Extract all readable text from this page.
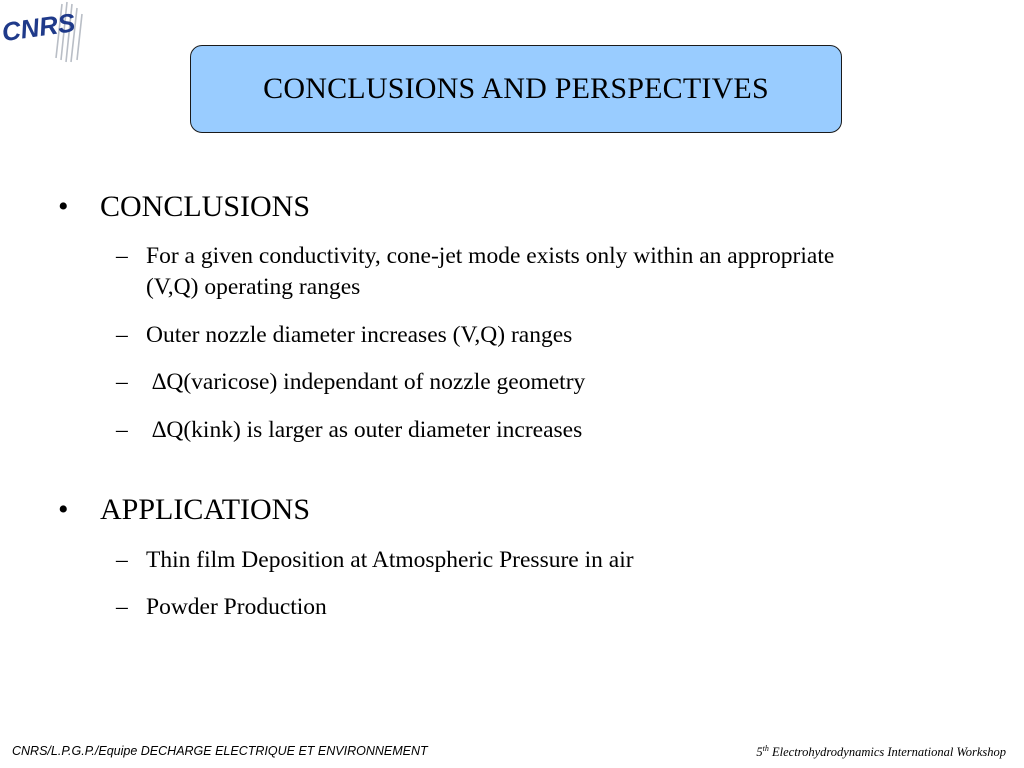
CNRS
CONCLUSIONS AND PERSPECTIVES
• CONCLUSIONS
– For a given conductivity, cone-jet mode exists only within an appropriate (V,Q) operating ranges
– Outer nozzle diameter increases (V,Q) ranges
– ∆Q(varicose) independant of nozzle geometry
– ∆Q(kink) is larger as outer diameter increases
• APPLICATIONS
– Thin film Deposition at Atmospheric Pressure in air
– Powder Production
CNRS/L.P.G.P./Equipe DECHARGE ELECTRIQUE ET ENVIRONNEMENT	5th Electrohydrodynamics International Workshop
